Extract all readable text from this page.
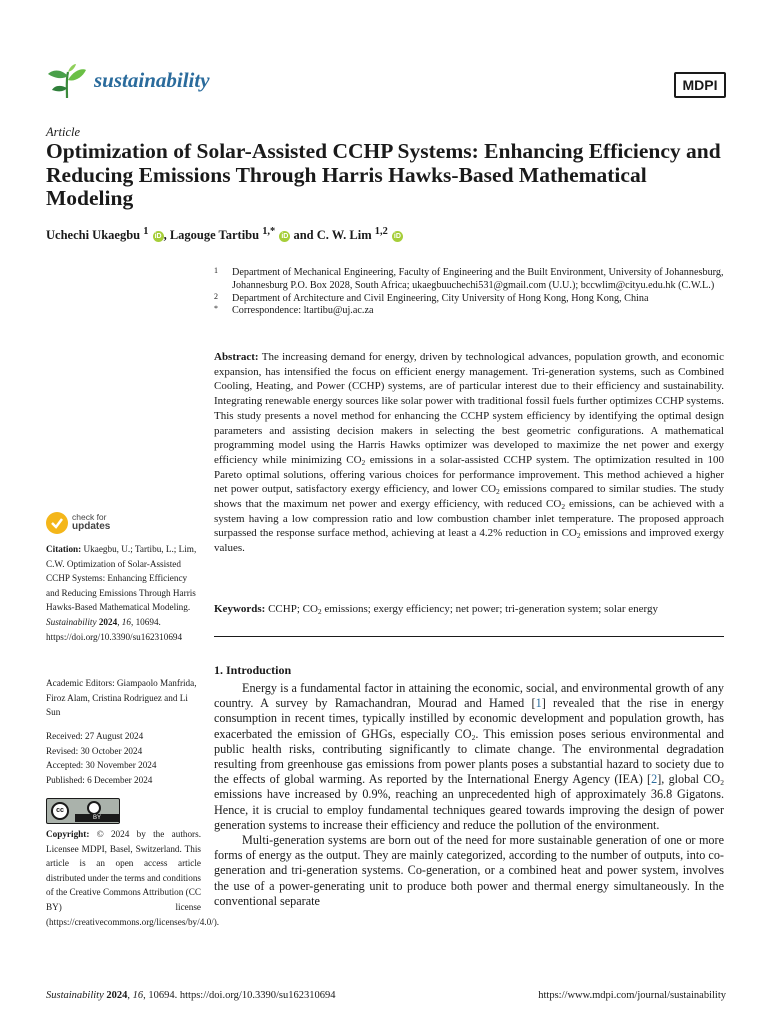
sustainability	MDPI
Article
Optimization of Solar-Assisted CCHP Systems: Enhancing Efficiency and Reducing Emissions Through Harris Hawks-Based Mathematical Modeling
Uchechi Ukaegbu $^1$ iD , Lagouge Tartibu $^{1,*}$ iD and C. W. Lim $^{1,2}$ iD
1 Department of Mechanical Engineering, Faculty of Engineering and the Built Environment, University of Johannesburg, Johannesburg P.O. Box 2028, South Africa; ukaegbuuchechi531@gmail.com (U.U.); bccwlim@cityu.edu.hk (C.W.L.)
2 Department of Architecture and Civil Engineering, City University of Hong Kong, Hong Kong, China
* Correspondence: ltartibu@uj.ac.za
Abstract: The increasing demand for energy, driven by technological advances, population growth, and economic expansion, has intensified the focus on efficient energy management. Tri-generation systems, such as Combined Cooling, Heating, and Power (CCHP) systems, are of particular interest due to their efficiency and sustainability. Integrating renewable energy sources like solar power with traditional fossil fuels further optimizes CCHP systems. This study presents a novel method for enhancing the CCHP system efficiency by identifying the optimal design parameters and assisting decision makers in selecting the best geometric configurations. A mathematical programming model using the Harris Hawks optimizer was developed to maximize the net power and exergy efficiency while minimizing $CO_2$ emissions in a solar-assisted CCHP system. The optimization resulted in 100 Pareto optimal solutions, offering various choices for performance improvement. This method achieved a higher net power output, satisfactory exergy efficiency, and lower $CO_2$ emissions compared to similar studies. The study shows that the maximum net power and exergy efficiency, with reduced $CO_2$ emissions, can be achieved with a system having a low compression ratio and low combustion chamber inlet temperature. The proposed approach surpassed the response surface method, achieving at least a 4.2% reduction in $CO_2$ emissions and improved exergy values.
Keywords: CCHP; $CO_2$ emissions; exergy efficiency; net power; tri-generation system; solar energy
check for
updates
Citation: Ukaegbu, U.; Tartibu, L.; Lim, C.W. Optimization of Solar-Assisted CCHP Systems: Enhancing Efficiency and Reducing Emissions Through Harris Hawks-Based Mathematical Modeling. Sustainability 2024, 16, 10694. https://doi.org/10.3390/su162310694
Academic Editors: Giampaolo Manfrida, Firoz Alam, Cristina Rodriguez and Li Sun
Received: 27 August 2024
Revised: 30 October 2024
Accepted: 30 November 2024
Published: 6 December 2024
cc
BY
Copyright: © 2024 by the authors. Licensee MDPI, Basel, Switzerland. This article is an open access article distributed under the terms and conditions of the Creative Commons Attribution (CC BY) license (https://creativecommons.org/licenses/by/4.0/).
1. Introduction

Energy is a fundamental factor in attaining the economic, social, and environmental growth of any country. A survey by Ramachandran, Mourad and Hamed [1] revealed that the rise in energy consumption in recent times, typically instilled by economic development and population growth, has exacerbated the emission of GHGs, especially $CO_2$. This emission poses serious environmental and public health risks, contributing significantly to climate change. The environmental degradation resulting from greenhouse gas emissions from power plants poses a substantial hazard to society due to the effects of global warming. As reported by the International Energy Agency (IEA) [2], global $CO_2$ emissions have increased by 0.9%, reaching an unprecedented high of approximately 36.8 Gigatons. Hence, it is crucial to employ fundamental techniques geared towards improving the design of power generation systems to increase their efficiency and reduce the pollution of the environment.

Multi-generation systems are born out of the need for more sustainable generation of one or more forms of energy as the output. They are mainly categorized, according to the number of outputs, into co-generation and tri-generation systems. Co-generation, or a combined heat and power system, involves the use of a power-generating unit to produce both power and thermal energy simultaneously. In the conventional separate

Sustainability 2024, 16, 10694. https://doi.org/10.3390/su162310694	https://www.mdpi.com/journal/sustainability
